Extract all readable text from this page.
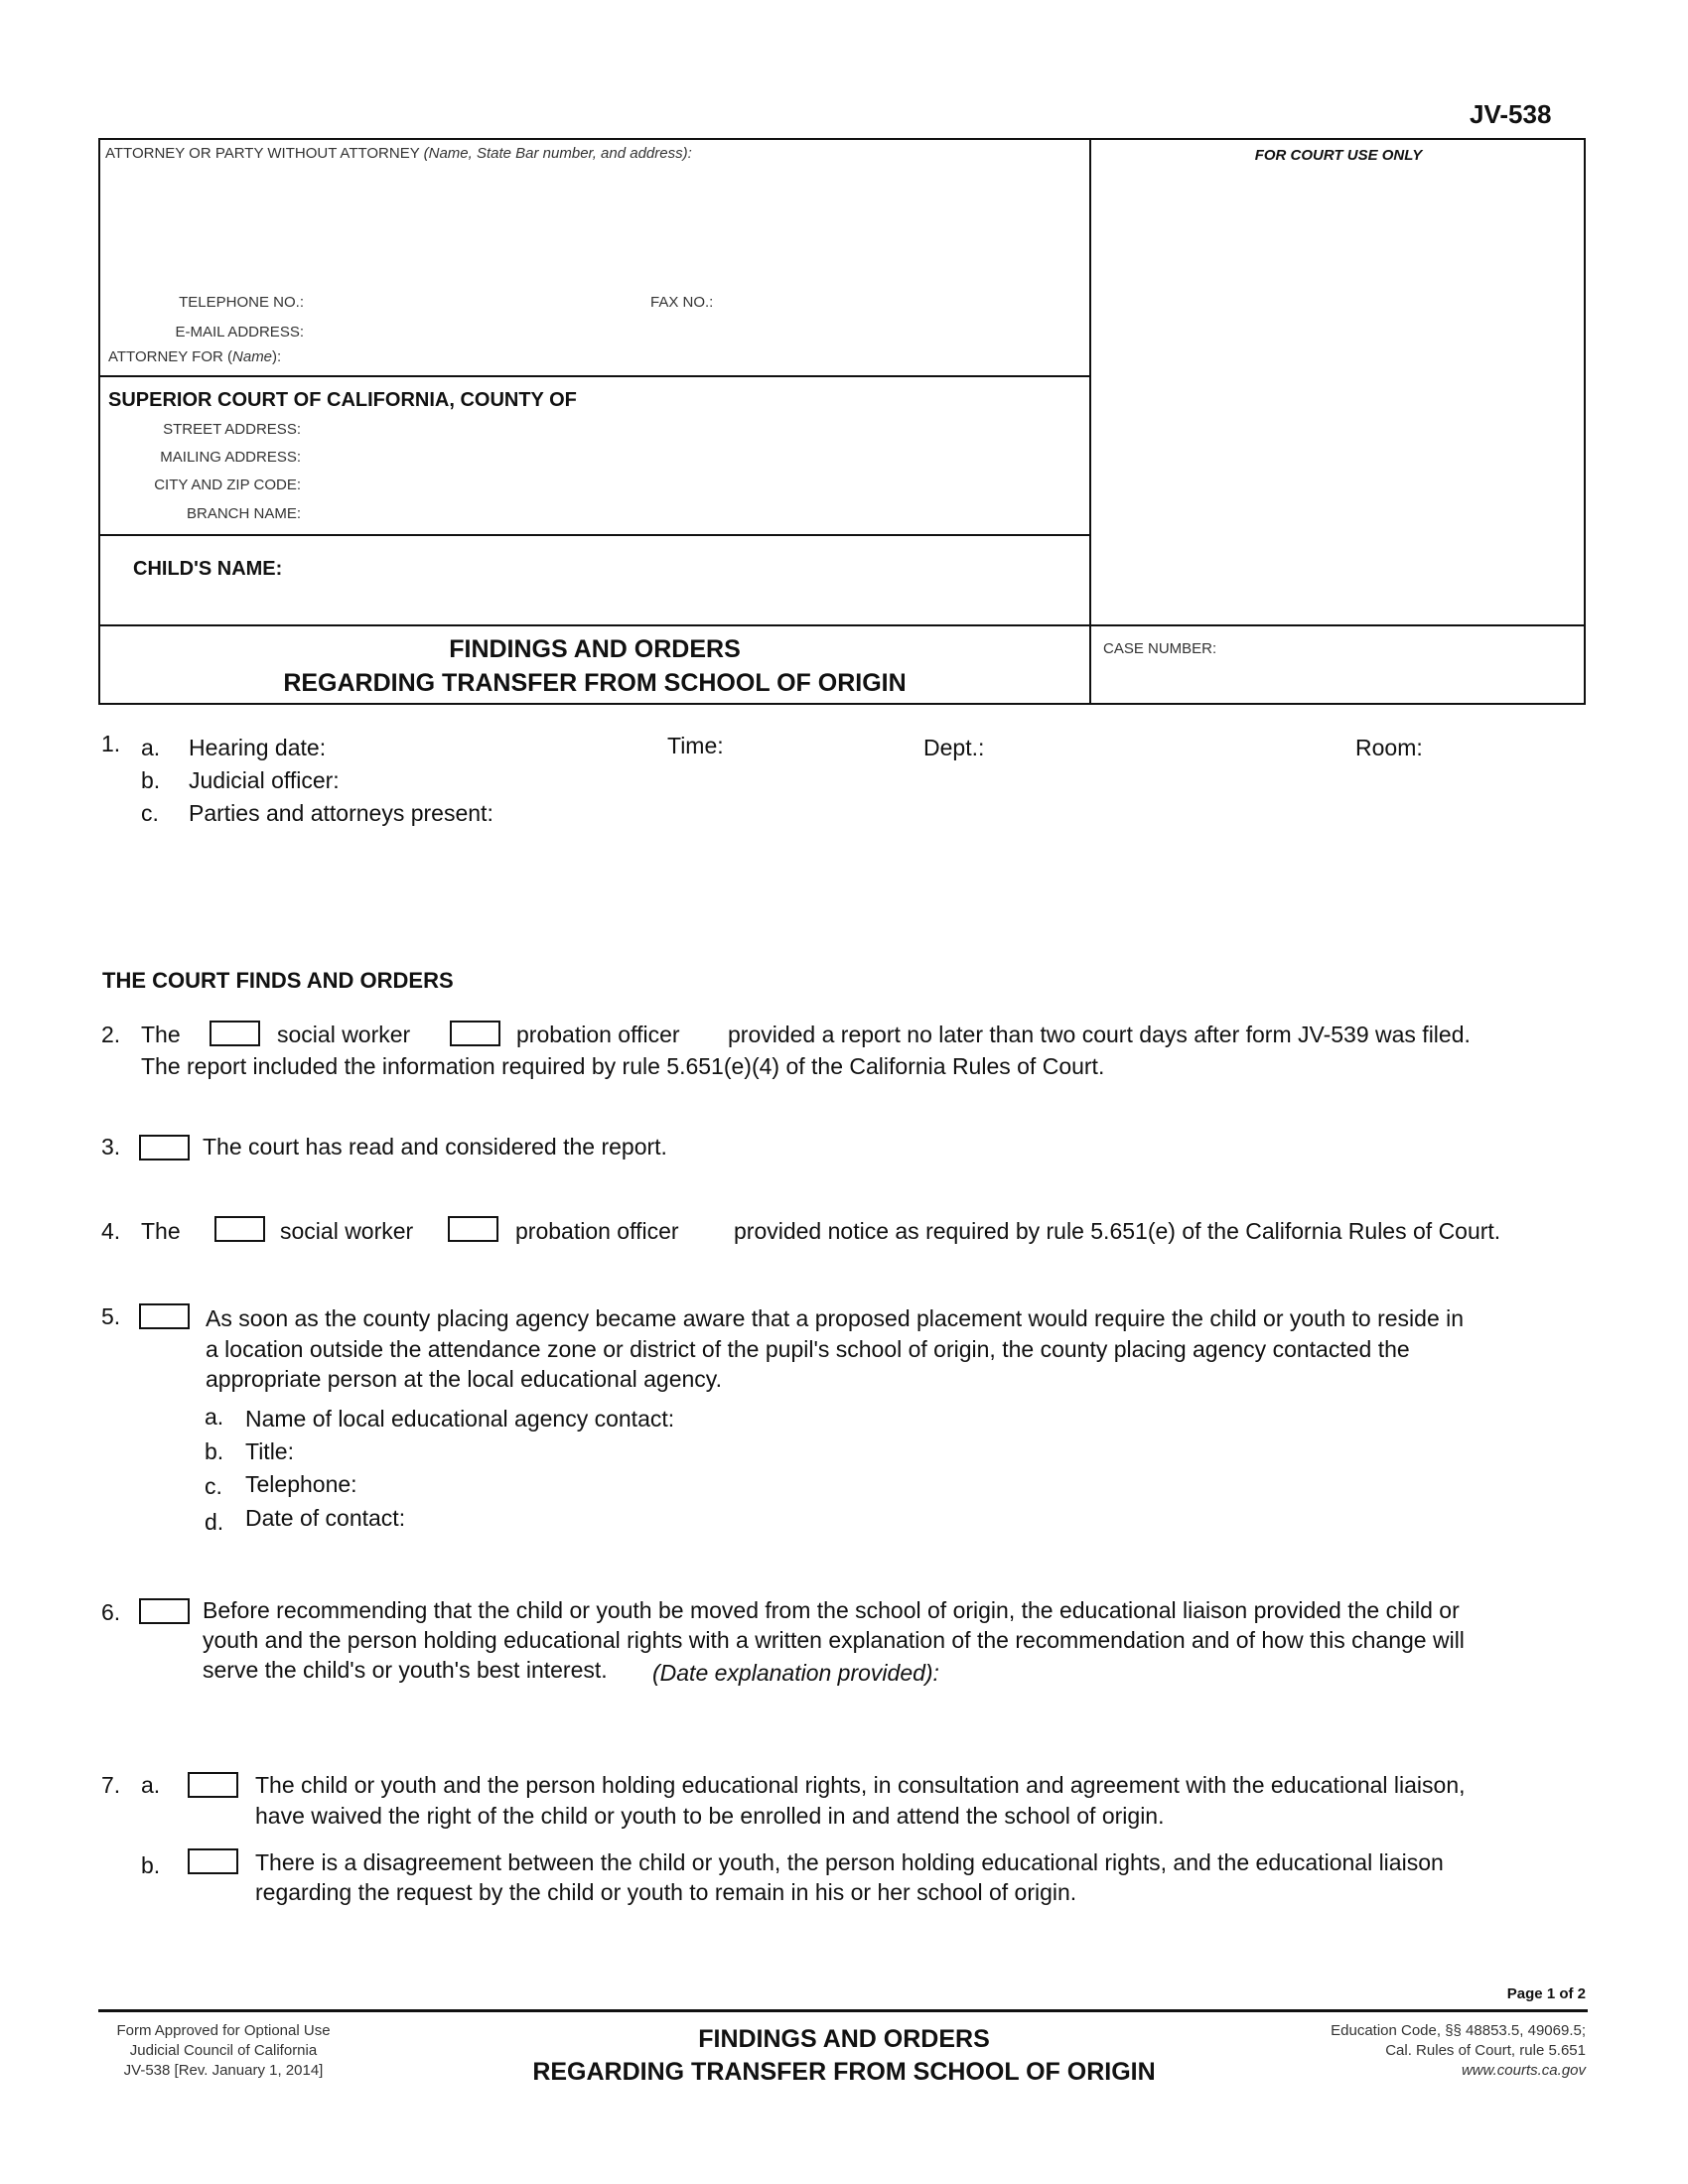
JV-538
ATTORNEY OR PARTY WITHOUT ATTORNEY (Name, State Bar number, and address):
TELEPHONE NO.:	FAX NO.:
E-MAIL ADDRESS:
ATTORNEY FOR (Name):
FOR COURT USE ONLY
SUPERIOR COURT OF CALIFORNIA, COUNTY OF
STREET ADDRESS:
MAILING ADDRESS:
CITY AND ZIP CODE:
BRANCH NAME:
CHILD'S NAME:
FINDINGS AND ORDERS
REGARDING TRANSFER FROM SCHOOL OF ORIGIN
CASE NUMBER:
1. a. Hearing date:	Time:	Dept.:	Room:
b. Judicial officer:
c. Parties and attorneys present:
THE COURT FINDS AND ORDERS
2. The	social worker	probation officer provided a report no later than two court days after form JV-539 was filed.
The report included the information required by rule 5.651(e)(4) of the California Rules of Court.
3.	The court has read and considered the report.
4. The	social worker	probation officer provided notice as required by rule 5.651(e) of the California Rules of Court.
5.	As soon as the county placing agency became aware that a proposed placement would require the child or youth to reside in
a location outside the attendance zone or district of the pupil's school of origin, the county placing agency contacted the
appropriate person at the local educational agency.
a. Name of local educational agency contact:
b. Title:
c. Telephone:
d. Date of contact:
6.	Before recommending that the child or youth be moved from the school of origin, the educational liaison provided the child or
youth and the person holding educational rights with a written explanation of the recommendation and of how this change will
serve the child's or youth's best interest. (Date explanation provided):
7. a.	The child or youth and the person holding educational rights, in consultation and agreement with the educational liaison,
have waived the right of the child or youth to be enrolled in and attend the school of origin.
b.	There is a disagreement between the child or youth, the person holding educational rights, and the educational liaison
regarding the request by the child or youth to remain in his or her school of origin.
Page 1 of 2
Form Approved for Optional Use
Judicial Council of California
JV-538 [Rev. January 1, 2014]
FINDINGS AND ORDERS
REGARDING TRANSFER FROM SCHOOL OF ORIGIN
Education Code, §§ 48853.5, 49069.5;
Cal. Rules of Court, rule 5.651
www.courts.ca.gov
